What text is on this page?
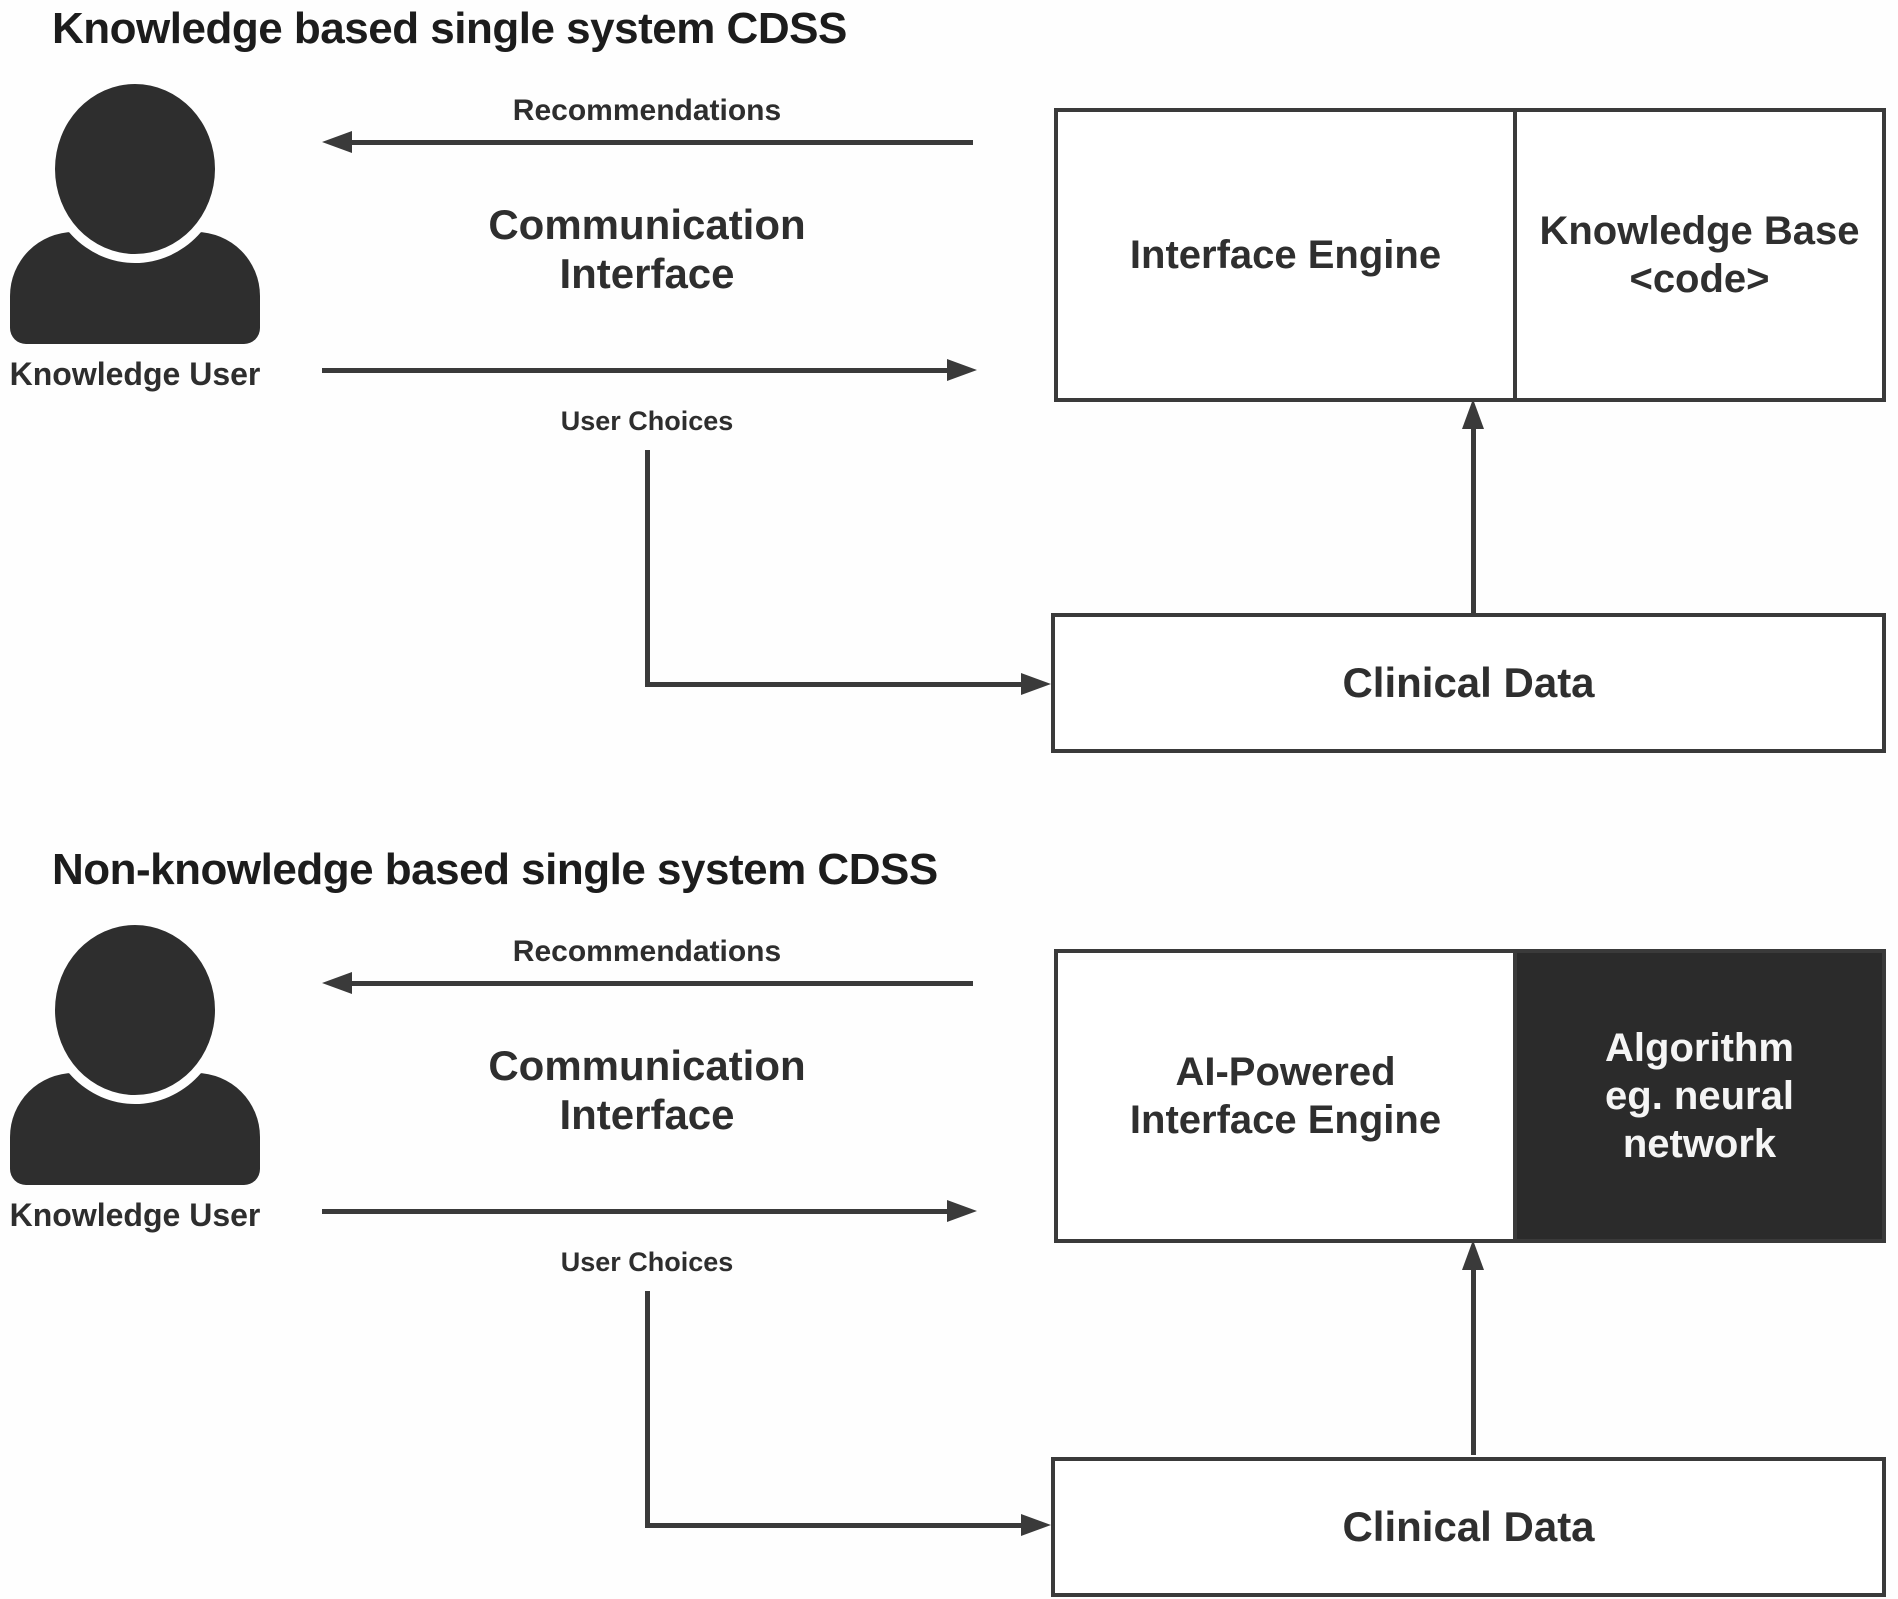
Knowledge based single system CDSS
Knowledge User
Recommendations
Communication
Interface
User Choices
Interface Engine
Knowledge Base
<code>
Clinical Data
Non-knowledge based single system CDSS
Knowledge User
Recommendations
Communication
Interface
User Choices
AI-Powered
Interface Engine
Algorithm
eg. neural
network
Clinical Data
